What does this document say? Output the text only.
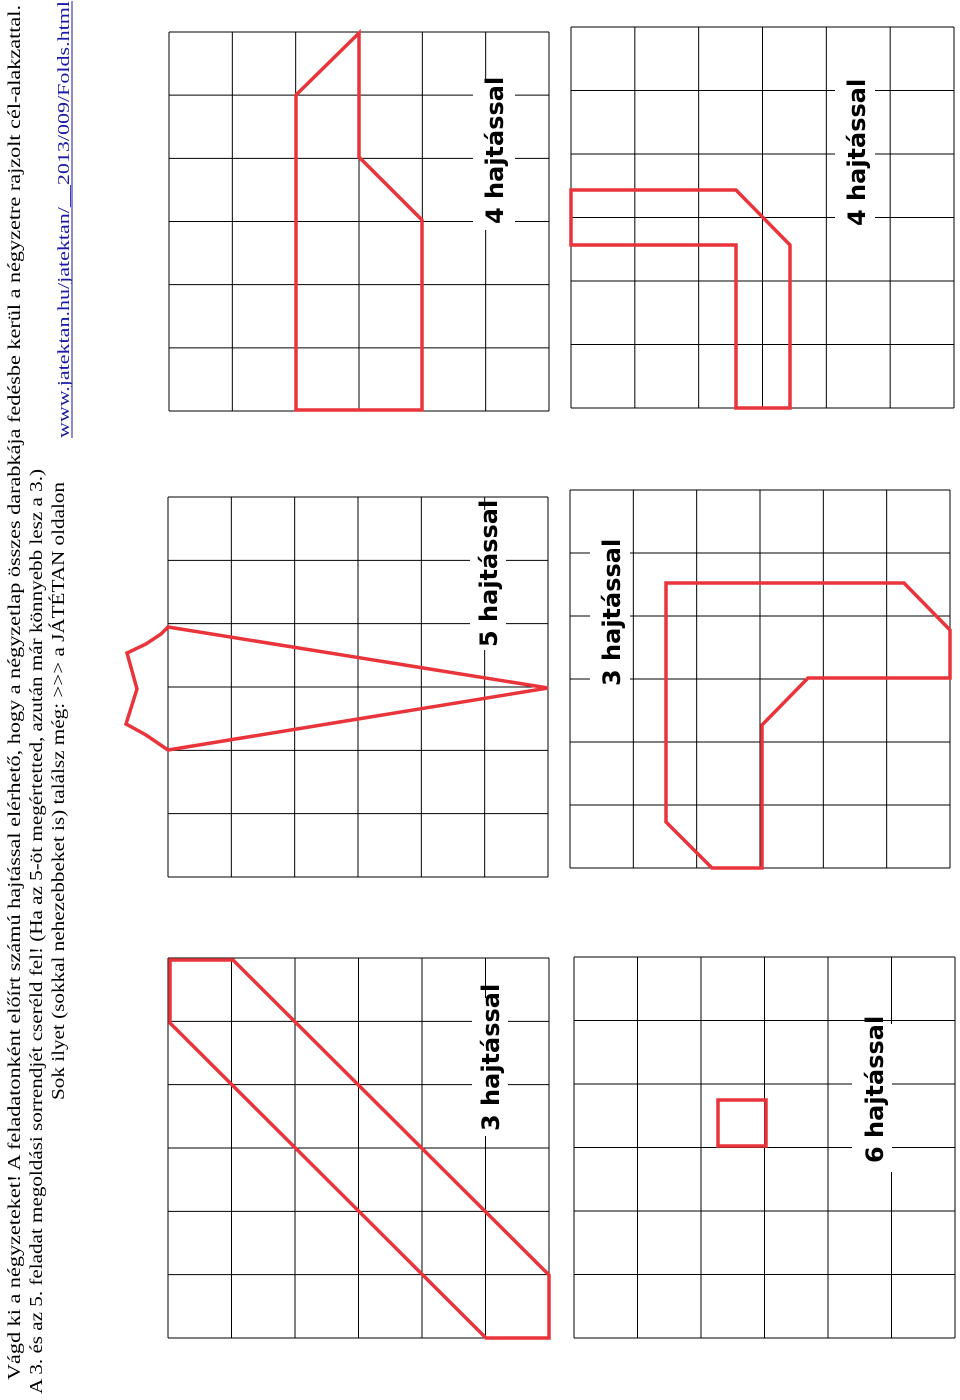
Vágd ki a négyzeteket! A feladatonként előírt számú hajtással elérhető, hogy a négyzetlap összes darabkája fedésbe kerül a négyzetre rajzolt cél-alakzattal. A 3. és az 5. feladat megoldási sorrendjét cseréld fel! (Ha az 5-öt megértetted, azután már könnyebb lesz a 3.) Sok ilyet (sokkal nehezebbeket is) találsz még: >>> a JÁTÉTAN oldalon
www.jatektan.hu/jatektan/__2013/009/Folds.html
3 hajtással
5 hajtással
4 hajtással
6 hajtással
3 hajtással
4 hajtással
